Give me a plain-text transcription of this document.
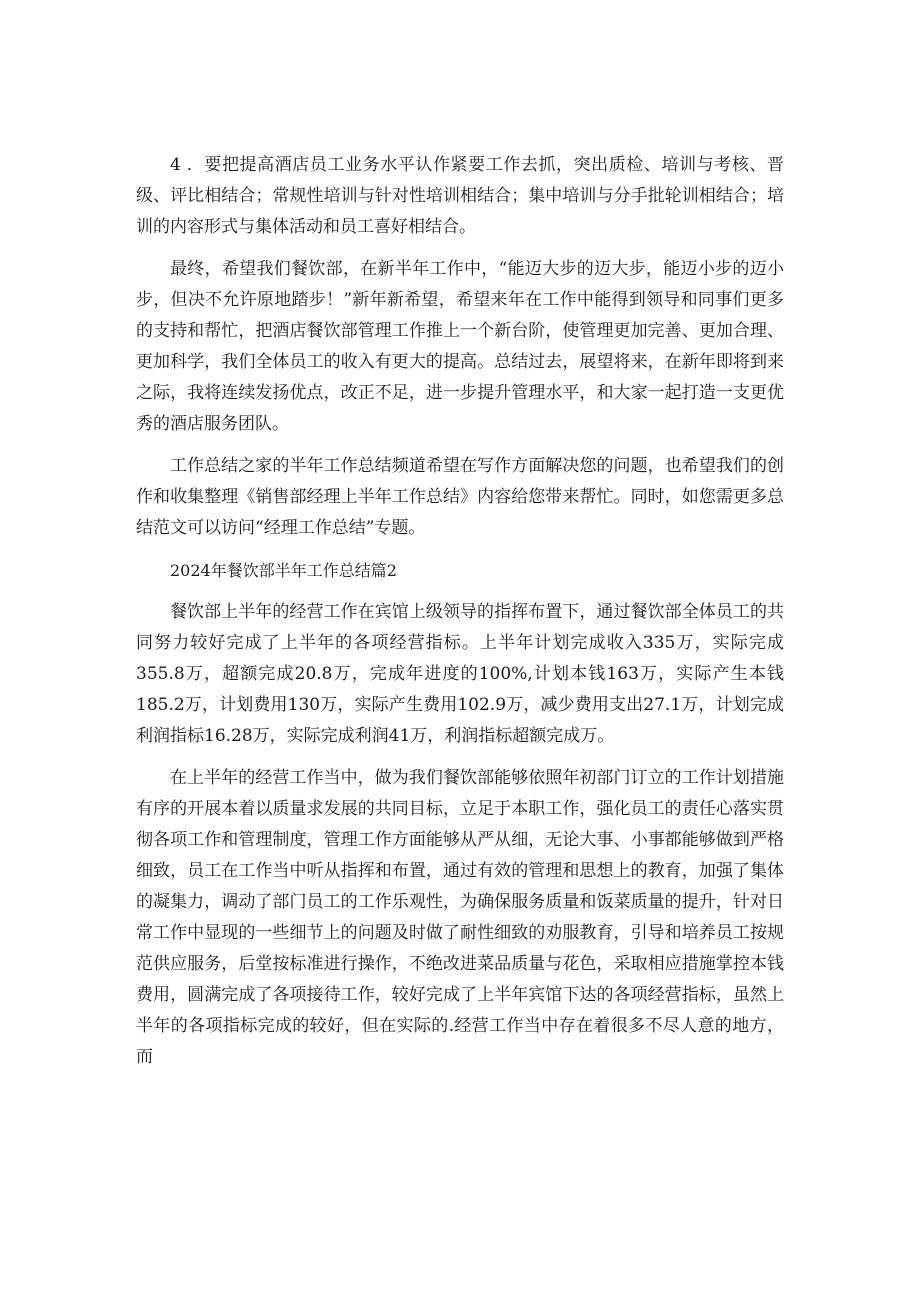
4 ．要把提高酒店员工业务水平认作紧要工作去抓，突出质检、培训与考核、晋级、评比相结合；常规性培训与针对性培训相结合；集中培训与分手批轮训相结合；培训的内容形式与集体活动和员工喜好相结合。

最终，希望我们餐饮部，在新半年工作中，“能迈大步的迈大步，能迈小步的迈小步，但决不允许原地踏步！”新年新希望，希望来年在工作中能得到领导和同事们更多的支持和帮忙，把酒店餐饮部管理工作推上一个新台阶，使管理更加完善、更加合理、更加科学，我们全体员工的收入有更大的提高。总结过去，展望将来，在新年即将到来之际，我将连续发扬优点，改正不足，进一步提升管理水平，和大家一起打造一支更优秀的酒店服务团队。

工作总结之家的半年工作总结频道希望在写作方面解决您的问题，也希望我们的创作和收集整理《销售部经理上半年工作总结》内容给您带来帮忙。同时，如您需更多总结范文可以访问“经理工作总结”专题。

2024年餐饮部半年工作总结篇2

餐饮部上半年的经营工作在宾馆上级领导的指挥布置下，通过餐饮部全体员工的共同努力较好完成了上半年的各项经营指标。上半年计划完成收入335万，实际完成355.8万，超额完成20.8万，完成年进度的100%,计划本钱163万，实际产生本钱185.2万，计划费用130万，实际产生费用102.9万，减少费用支出27.1万，计划完成利润指标16.28万，实际完成利润41万，利润指标超额完成万。

在上半年的经营工作当中，做为我们餐饮部能够依照年初部门订立的工作计划措施有序的开展本着以质量求发展的共同目标，立足于本职工作，强化员工的责任心落实贯彻各项工作和管理制度，管理工作方面能够从严从细，无论大事、小事都能够做到严格细致，员工在工作当中听从指挥和布置，通过有效的管理和思想上的教育，加强了集体的凝集力，调动了部门员工的工作乐观性，为确保服务质量和饭菜质量的提升，针对日常工作中显现的一些细节上的问题及时做了耐性细致的劝服教育，引导和培养员工按规范供应服务，后堂按标准进行操作，不绝改进菜品质量与花色，采取相应措施掌控本钱费用，圆满完成了各项接待工作，较好完成了上半年宾馆下达的各项经营指标，虽然上半年的各项指标完成的较好，但在实际的.经营工作当中存在着很多不尽人意的地方，而
